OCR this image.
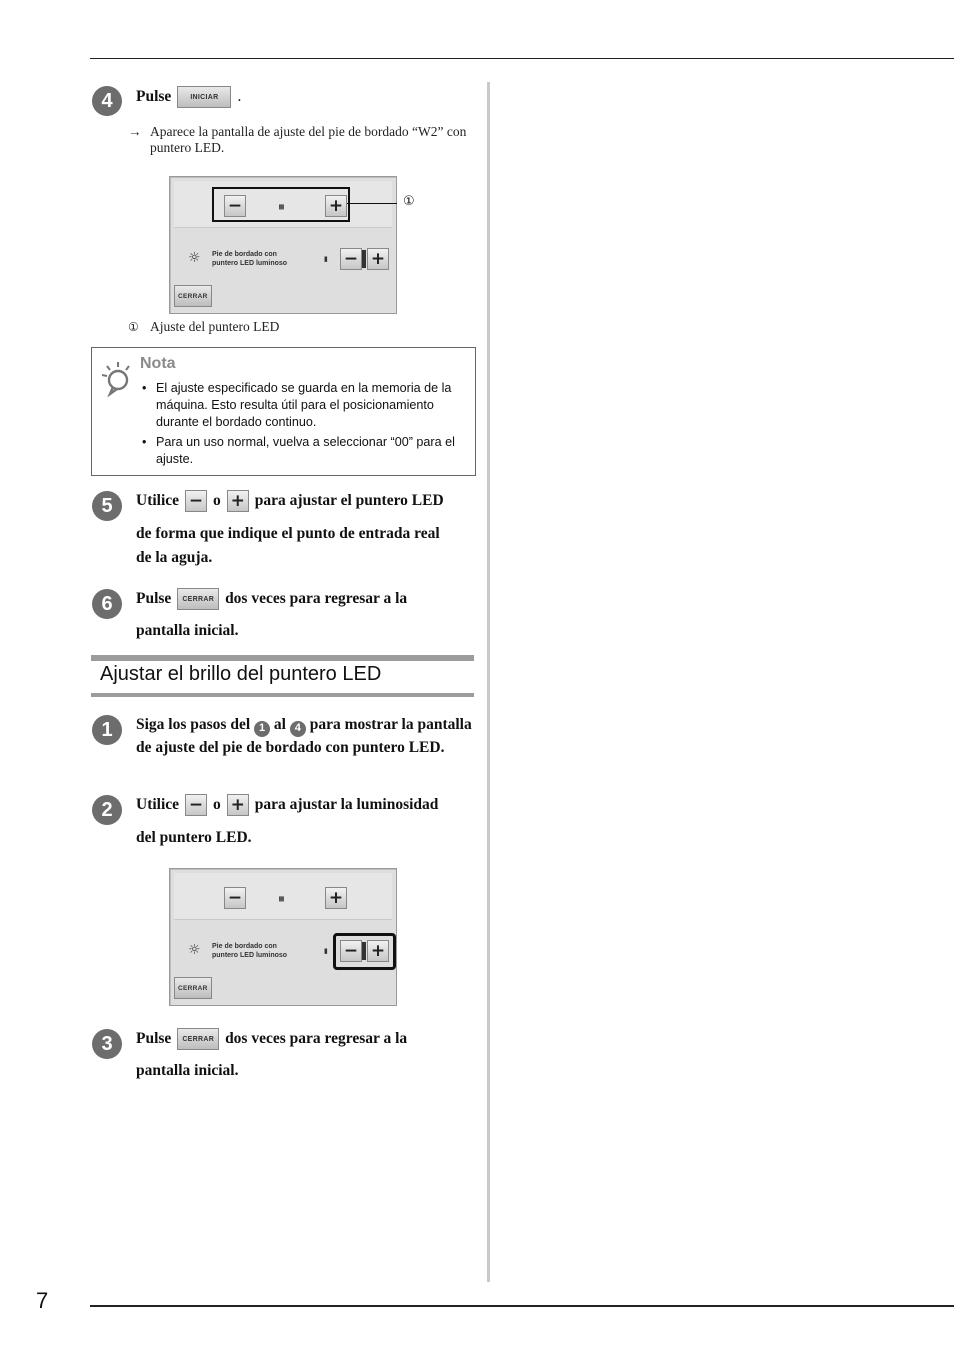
4	Pulse	INICIAR	.
→ Aparece la pantalla de ajuste del pie de bordado “W2” con puntero LED.
−	▩	+
☼ Pie de bordado con
puntero LED luminoso
▮ − +
CERRAR
①
① Ajuste del puntero LED
Nota
• El ajuste especificado se guarda en la memoria de la máquina. Esto resulta útil para el posicionamiento durante el bordado continuo.
• Para un uso normal, vuelva a seleccionar “00” para el ajuste.
5	Utilice − o + para ajustar el puntero LED
de forma que indique el punto de entrada real
de la aguja.
6	Pulse	CERRAR dos veces para regresar a la
pantalla inicial.
Ajustar el brillo del puntero LED
1	Siga los pasos del 1 al 4 para mostrar la pantalla de ajuste del pie de bordado con puntero LED.
2	Utilice − o + para ajustar la luminosidad
del puntero LED.
−	▩	+
☼ Pie de bordado con
puntero LED luminoso
▮ − +
CERRAR
3	Pulse	CERRAR dos veces para regresar a la
pantalla inicial.
7
